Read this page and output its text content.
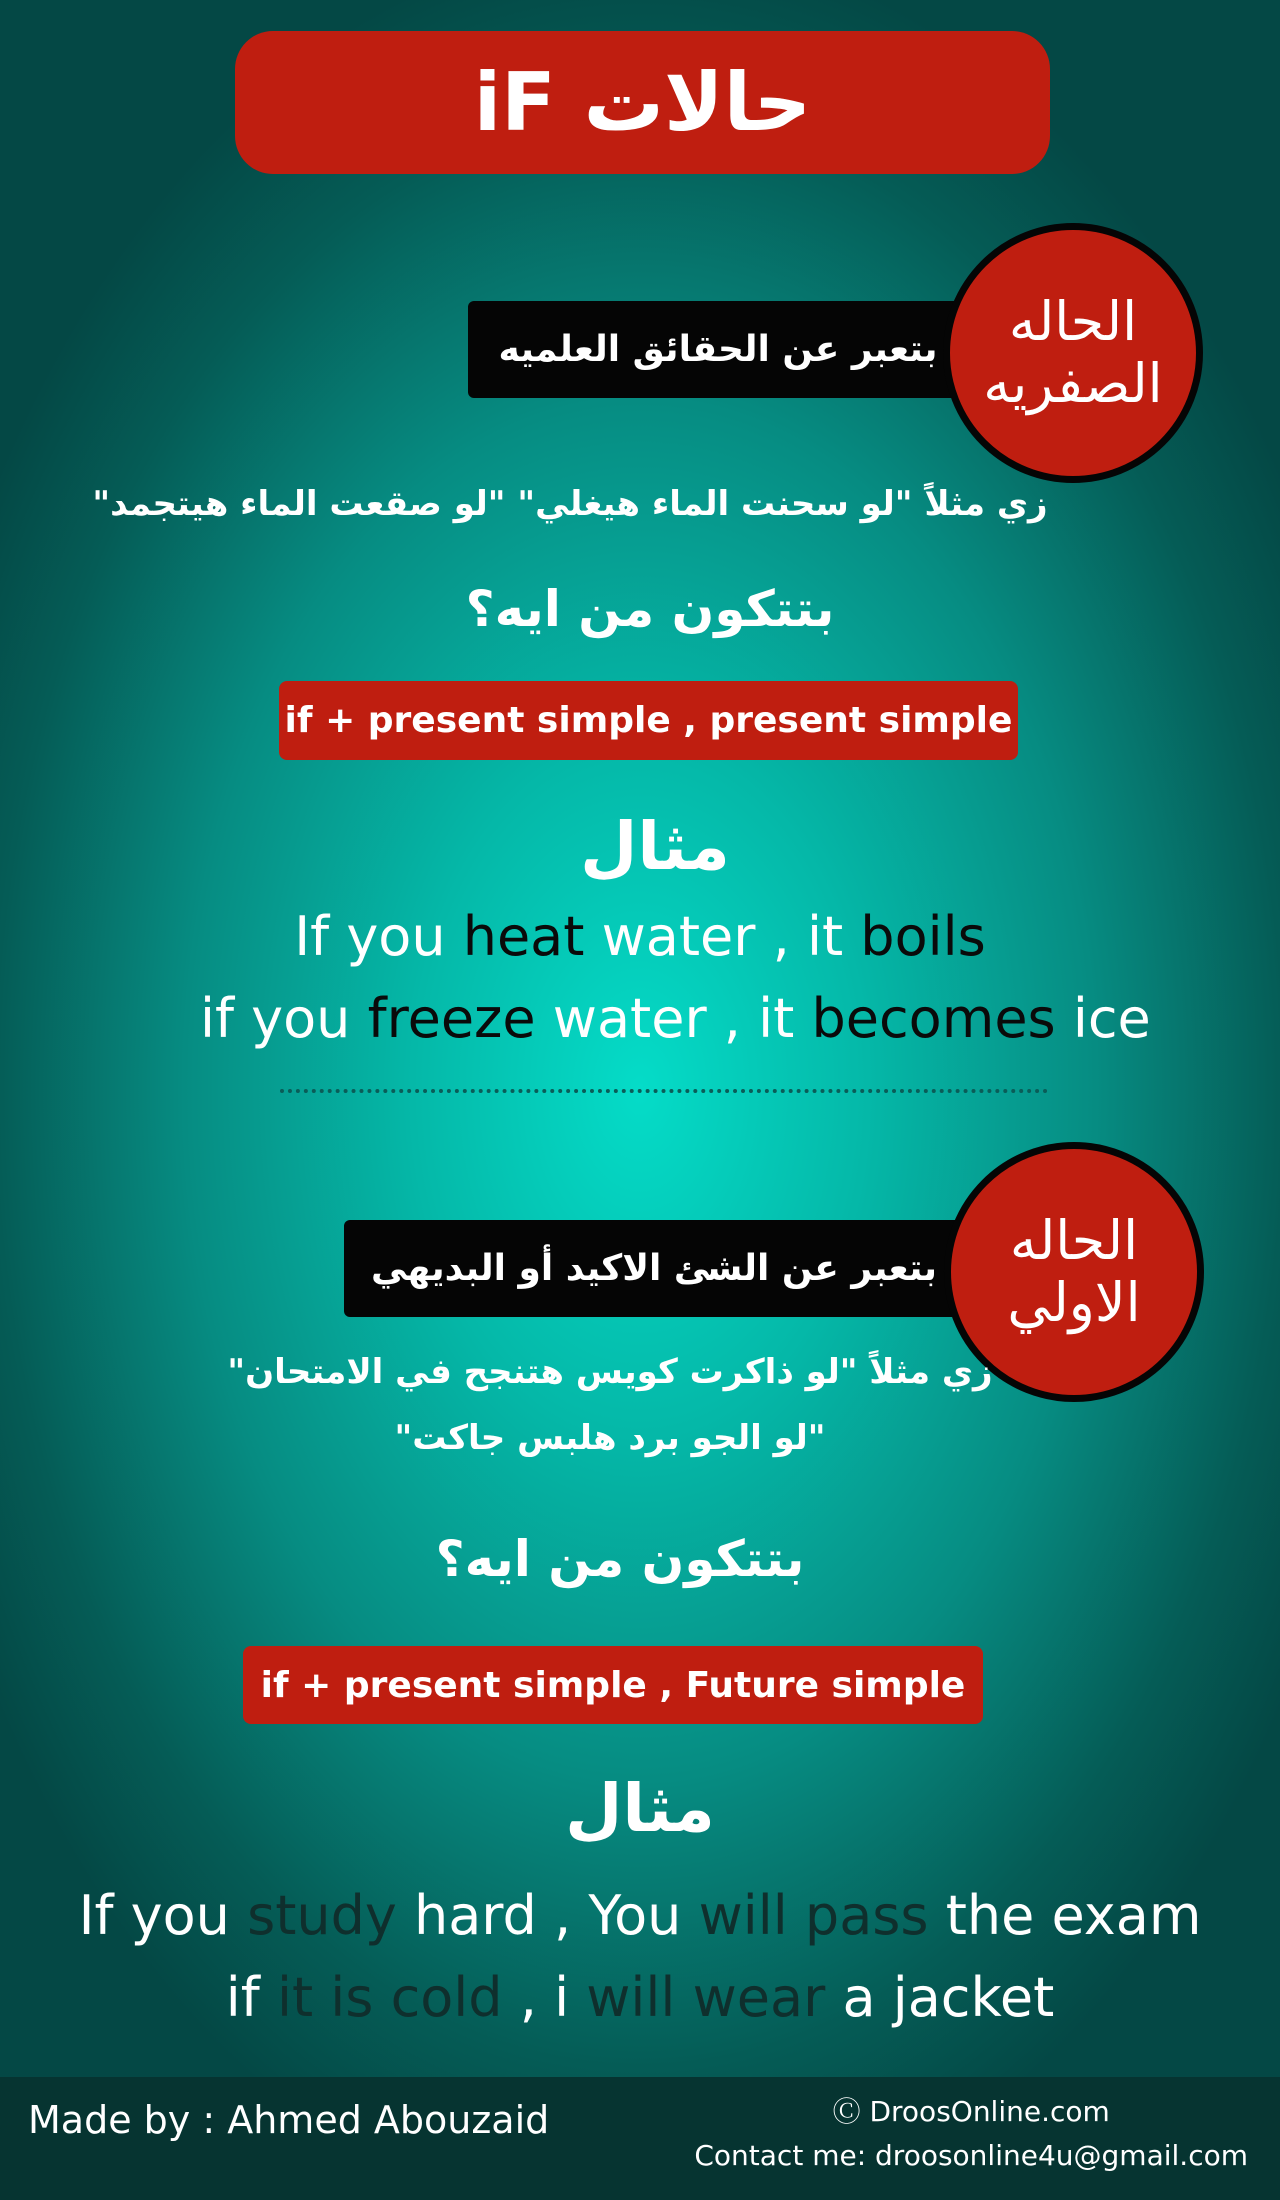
حالات iF
بتعبر عن الحقائق العلميه الحاله
الصفريه
زي مثلاً "لو سحنت الماء هيغلي" "لو صقعت الماء هيتجمد"
بتتكون من ايه؟
if + present simple , present simple
مثال
If you heat water , it boils
if you freeze water , it becomes ice
بتعبر عن الشئ الاكيد أو البديهي الحاله
الاولي
زي مثلاً "لو ذاكرت كويس هتنجح في الامتحان"
"لو الجو برد هلبس جاكت"
بتتكون من ايه؟
if + present simple , Future simple
مثال
If you study hard , You will pass the exam
if it is cold , i will wear a jacket
Made by : Ahmed Abouzaid	Ⓒ DroosOnline.com
Contact me: droosonline4u@gmail.com
